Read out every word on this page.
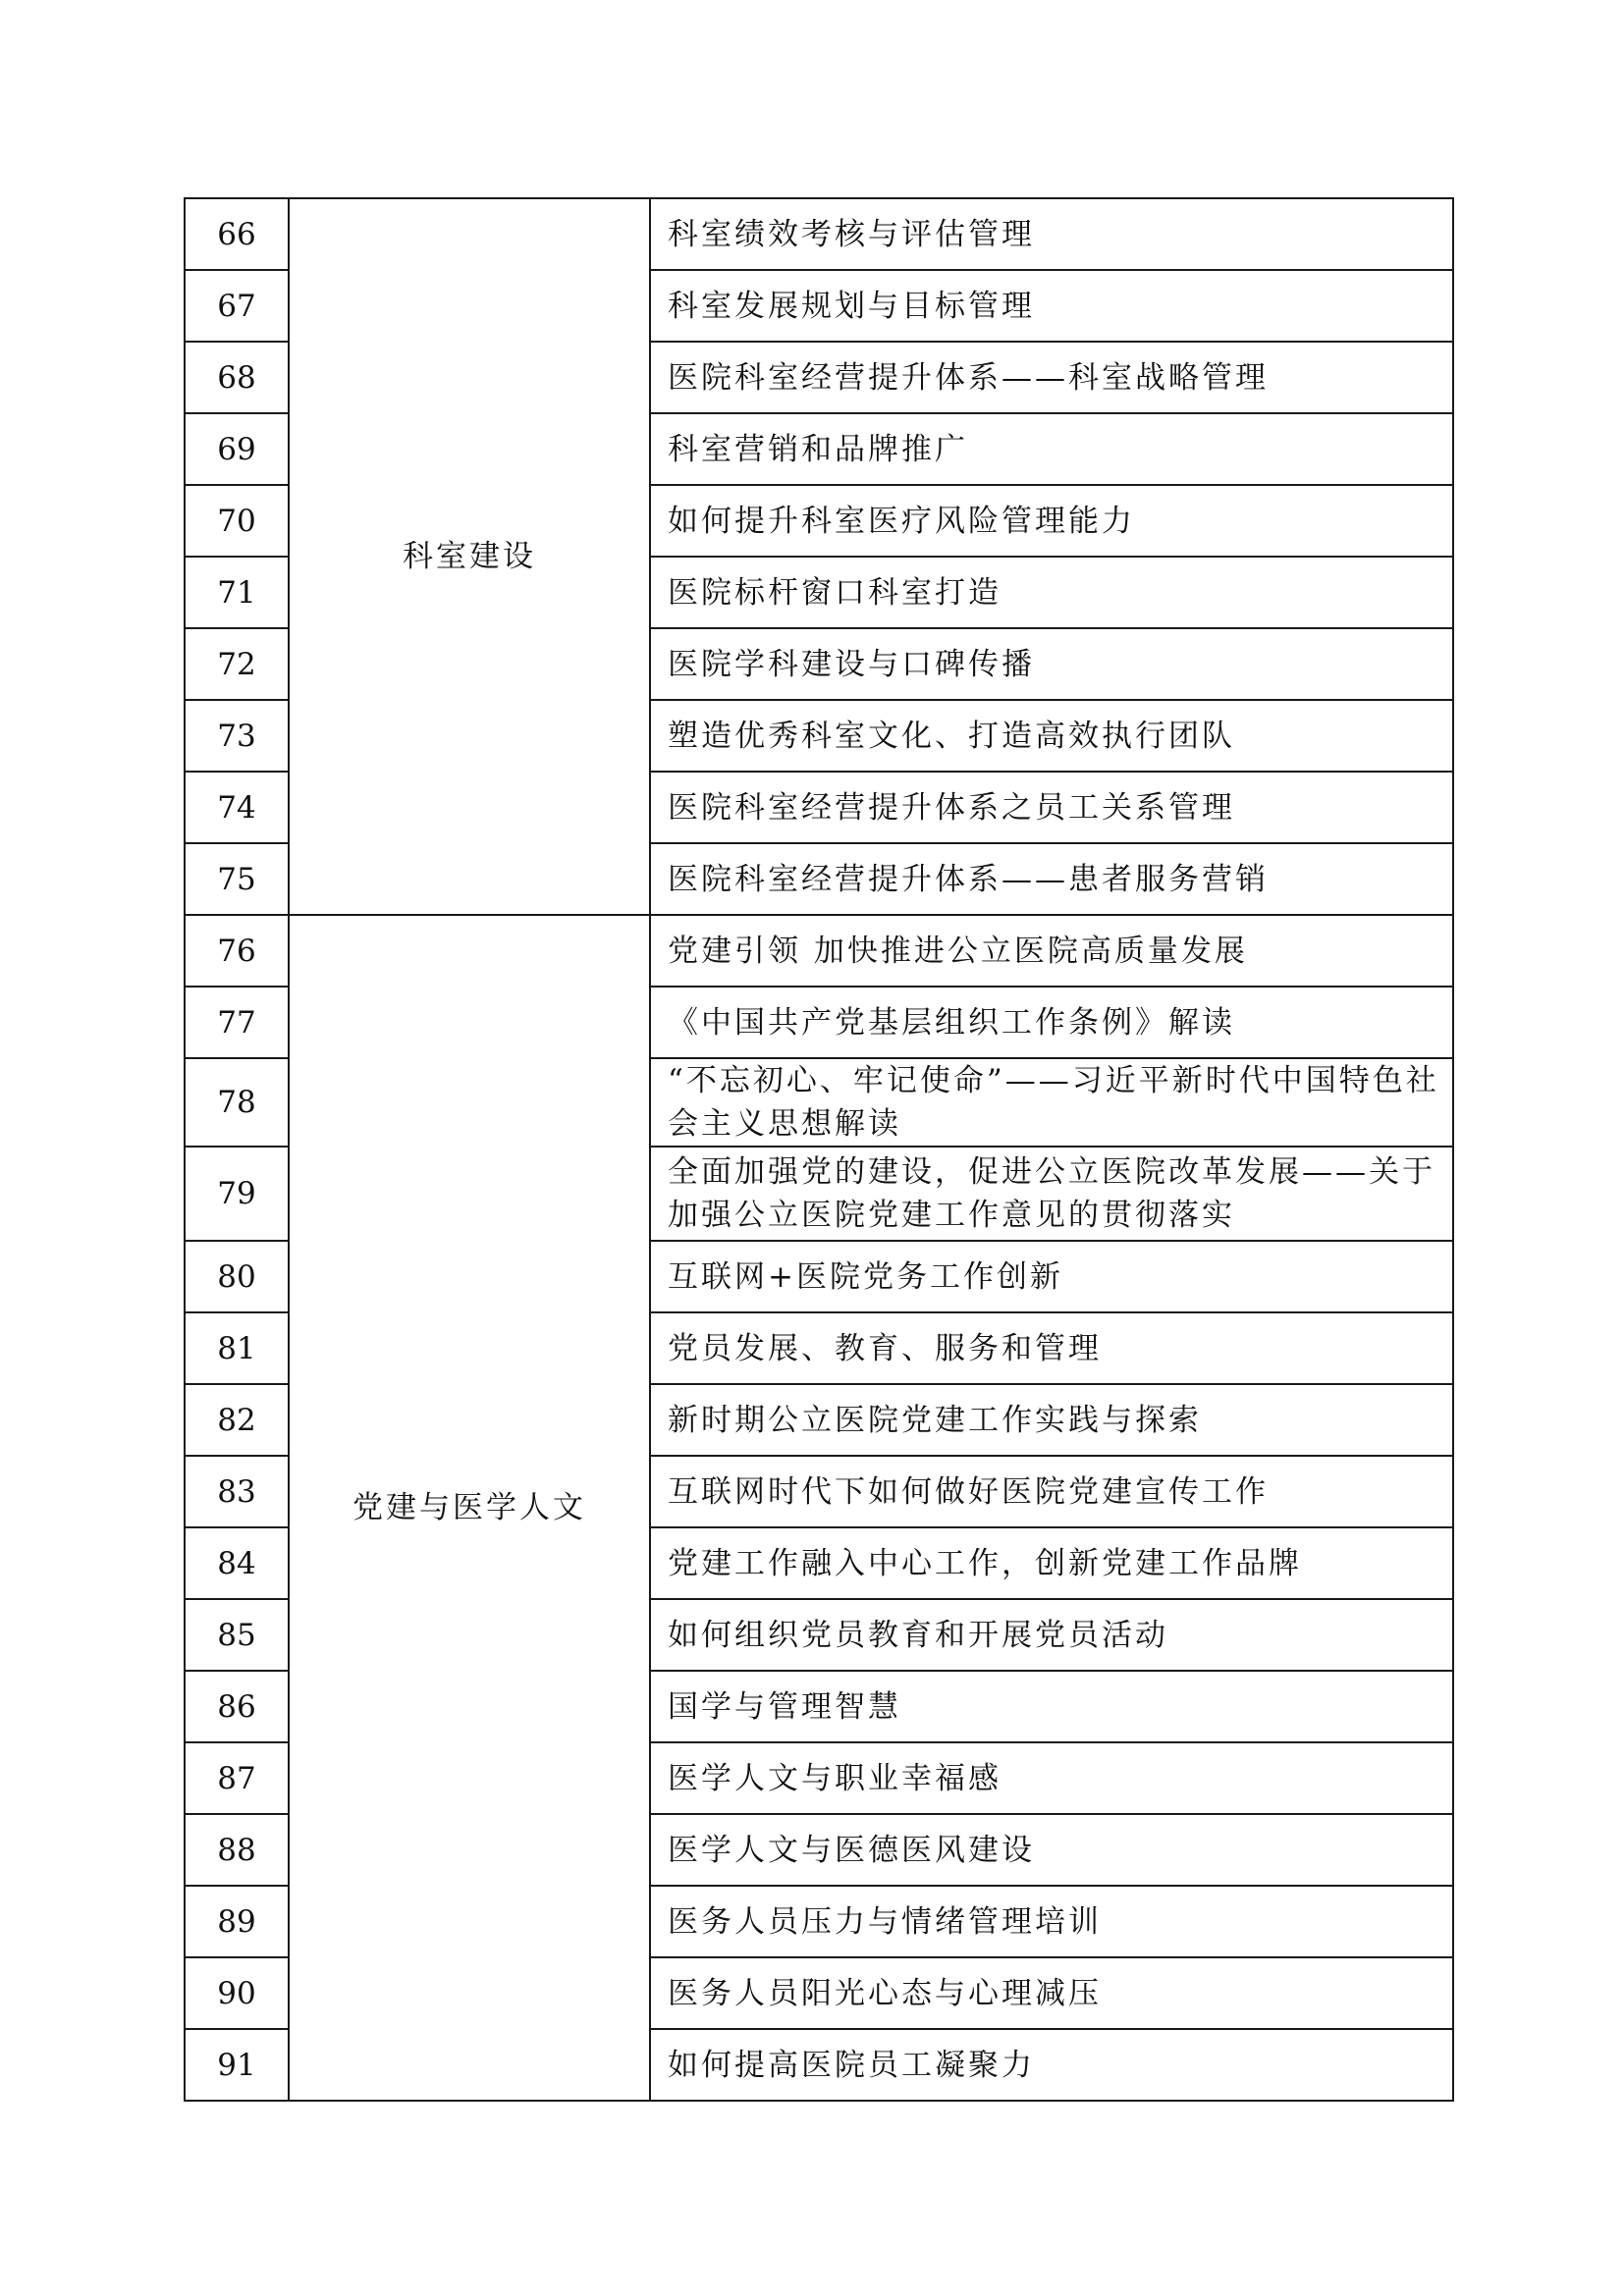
66	科室建设	科室绩效考核与评估管理
67		科室发展规划与目标管理
68		医院科室经营提升体系——科室战略管理
69		科室营销和品牌推广
70		如何提升科室医疗风险管理能力
71		医院标杆窗口科室打造
72		医院学科建设与口碑传播
73		塑造优秀科室文化、打造高效执行团队
74		医院科室经营提升体系之员工关系管理
75		医院科室经营提升体系——患者服务营销
76	党建与医学人文	党建引领 加快推进公立医院高质量发展
77		《中国共产党基层组织工作条例》解读
78		“不忘初心、牢记使命”——习近平新时代中国特色社会主义思想解读
79		全面加强党的建设，促进公立医院改革发展——关于加强公立医院党建工作意见的贯彻落实
80		互联网+医院党务工作创新
81		党员发展、教育、服务和管理
82		新时期公立医院党建工作实践与探索
83		互联网时代下如何做好医院党建宣传工作
84		党建工作融入中心工作，创新党建工作品牌
85		如何组织党员教育和开展党员活动
86		国学与管理智慧
87		医学人文与职业幸福感
88		医学人文与医德医风建设
89		医务人员压力与情绪管理培训
90		医务人员阳光心态与心理减压
91		如何提高医院员工凝聚力
